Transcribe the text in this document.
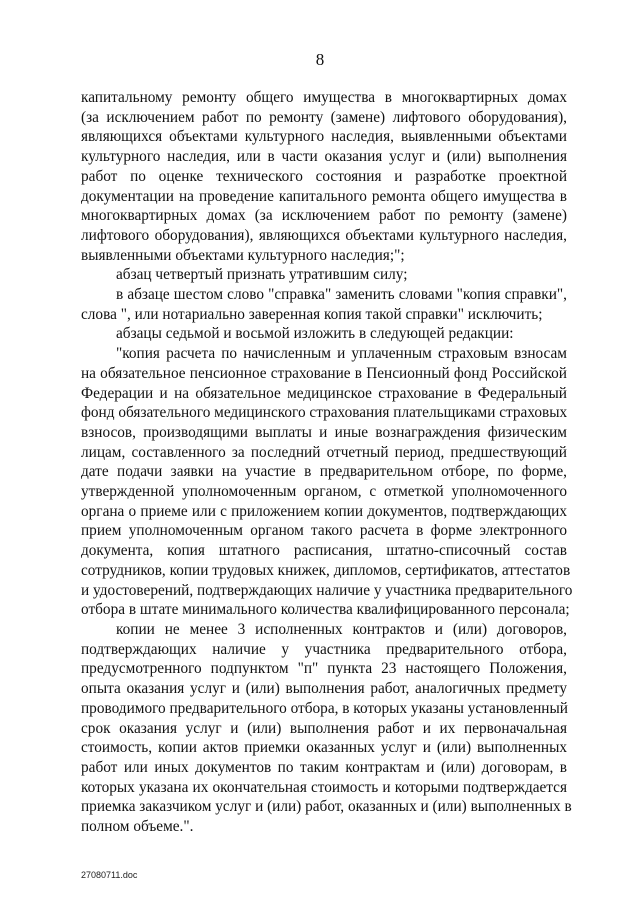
8
капитальному ремонту общего имущества в многоквартирных домах
(за исключением работ по ремонту (замене) лифтового оборудования),
являющихся объектами культурного наследия, выявленными объектами
культурного наследия, или в части оказания услуг и (или) выполнения
работ по оценке технического состояния и разработке проектной
документации на проведение капитального ремонта общего имущества в
многоквартирных домах (за исключением работ по ремонту (замене)
лифтового оборудования), являющихся объектами культурного наследия,
выявленными объектами культурного наследия;";
абзац четвертый признать утратившим силу;
в абзаце шестом слово "справка" заменить словами "копия справки",
слова ", или нотариально заверенная копия такой справки" исключить;
абзацы седьмой и восьмой изложить в следующей редакции:
"копия расчета по начисленным и уплаченным страховым взносам
на обязательное пенсионное страхование в Пенсионный фонд Российской
Федерации и на обязательное медицинское страхование в Федеральный
фонд обязательного медицинского страхования плательщиками страховых
взносов, производящими выплаты и иные вознаграждения физическим
лицам, составленного за последний отчетный период, предшествующий
дате подачи заявки на участие в предварительном отборе, по форме,
утвержденной уполномоченным органом, с отметкой уполномоченного
органа о приеме или с приложением копии документов, подтверждающих
прием уполномоченным органом такого расчета в форме электронного
документа, копия штатного расписания, штатно-списочный состав
сотрудников, копии трудовых книжек, дипломов, сертификатов, аттестатов
и удостоверений, подтверждающих наличие у участника предварительного
отбора в штате минимального количества квалифицированного персонала;
копии не менее 3 исполненных контрактов и (или) договоров,
подтверждающих наличие у участника предварительного отбора,
предусмотренного подпунктом "п" пункта 23 настоящего Положения,
опыта оказания услуг и (или) выполнения работ, аналогичных предмету
проводимого предварительного отбора, в которых указаны установленный
срок оказания услуг и (или) выполнения работ и их первоначальная
стоимость, копии актов приемки оказанных услуг и (или) выполненных
работ или иных документов по таким контрактам и (или) договорам, в
которых указана их окончательная стоимость и которыми подтверждается
приемка заказчиком услуг и (или) работ, оказанных и (или) выполненных в
полном объеме.".
27080711.doc
